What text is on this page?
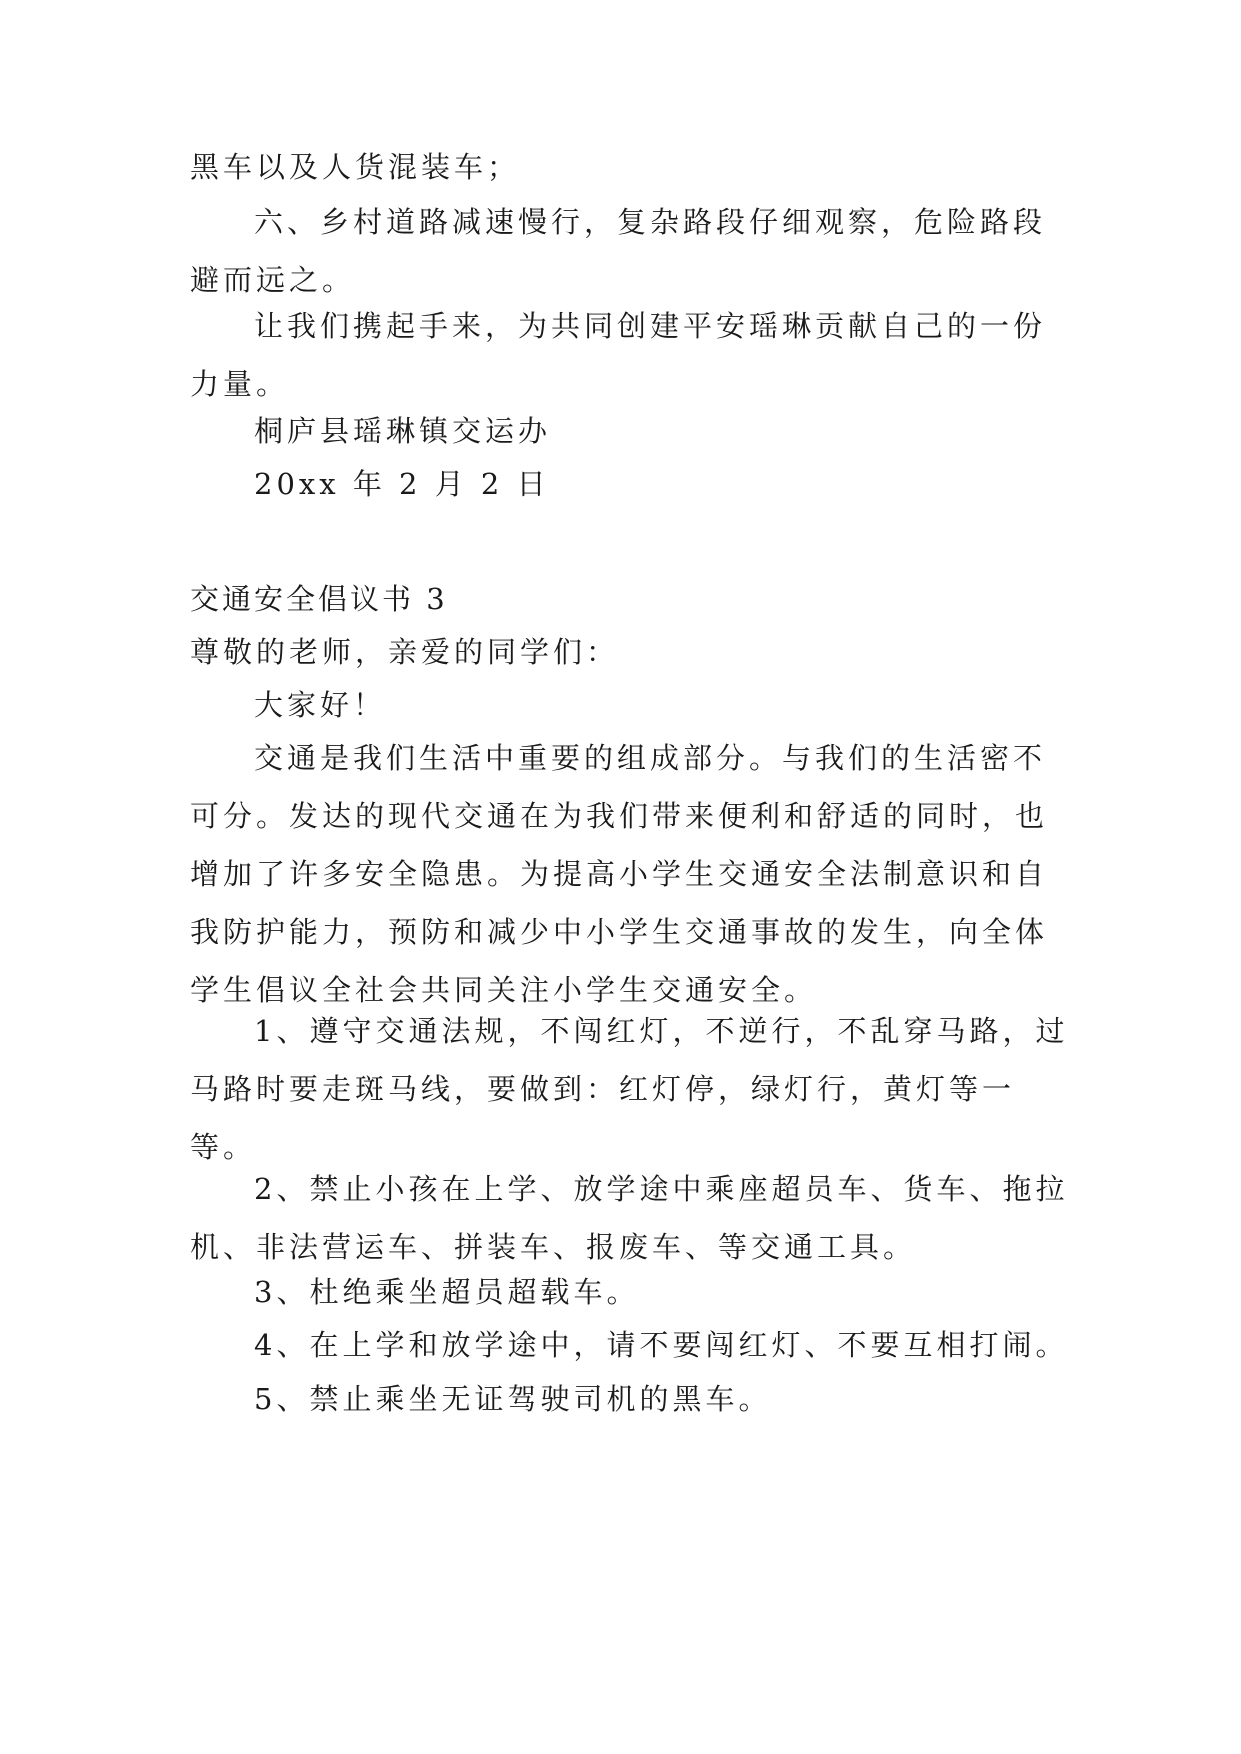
黑车以及人货混装车；
六、乡村道路减速慢行，复杂路段仔细观察，危险路段避而远之。
让我们携起手来，为共同创建平安瑶琳贡献自己的一份力量。
桐庐县瑶琳镇交运办
20xx 年 2 月 2 日
交通安全倡议书 3
尊敬的老师，亲爱的同学们：
大家好！
交通是我们生活中重要的组成部分。与我们的生活密不可分。发达的现代交通在为我们带来便利和舒适的同时，也增加了许多安全隐患。为提高小学生交通安全法制意识和自我防护能力，预防和减少中小学生交通事故的发生，向全体学生倡议全社会共同关注小学生交通安全。
1、遵守交通法规，不闯红灯，不逆行，不乱穿马路，过马路时要走斑马线，要做到：红灯停，绿灯行，黄灯等一等。
2、禁止小孩在上学、放学途中乘座超员车、货车、拖拉机、非法营运车、拼装车、报废车、等交通工具。
3、杜绝乘坐超员超载车。
4、在上学和放学途中，请不要闯红灯、不要互相打闹。
5、禁止乘坐无证驾驶司机的黑车。
